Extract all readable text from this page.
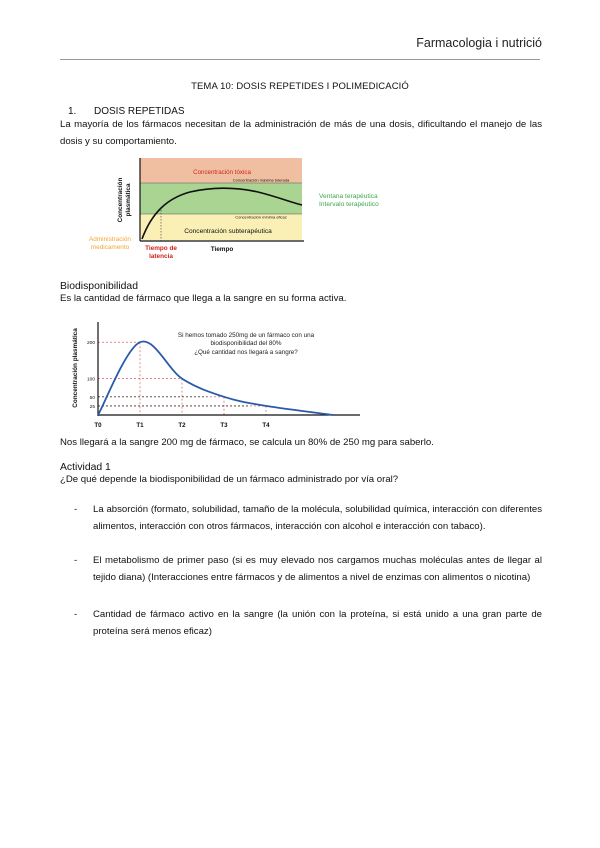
Farmacologia i nutrició
TEMA 10: DOSIS REPETIDES I POLIMEDICACIÓ
1. DOSIS REPETIDAS
La mayoría de los fármacos necesitan de la administración de más de una dosis, dificultando el manejo de las dosis y su comportamiento.
Concentración tóxica
Concentración máxima tolerada
Concentración mínima eficaz
Concentración subterapéutica
Ventana terapéutica
Intervalo terapéutico
Concentración plasmática
Administración
medicamento Tiempo de
latencia
Tiempo
Biodisponibilidad
Es la cantidad de fármaco que llega a la sangre en su forma activa.
200
100
50
25
T0	T1	T2	T3	T4
Concentración plasmática	Si hemos tomado 250mg de un fármaco con una
biodisponibilidad del 80%
¿Qué cantidad nos llegará a sangre?
Nos llegará a la sangre 200 mg de fármaco, se calcula un 80% de 250 mg para saberlo.
Actividad 1
¿De qué depende la biodisponibilidad de un fármaco administrado por vía oral?
- La absorción (formato, solubilidad, tamaño de la molécula, solubilidad química, interacción con diferentes alimentos, interacción con otros fármacos, interacción con alcohol e interacción con tabaco).
- El metabolismo de primer paso (si es muy elevado nos cargamos muchas moléculas antes de llegar al tejido diana) (Interacciones entre fármacos y de alimentos a nivel de enzimas con alimentos o nicotina)
- Cantidad de fármaco activo en la sangre (la unión con la proteína, si está unido a una gran parte de proteína será menos eficaz)
